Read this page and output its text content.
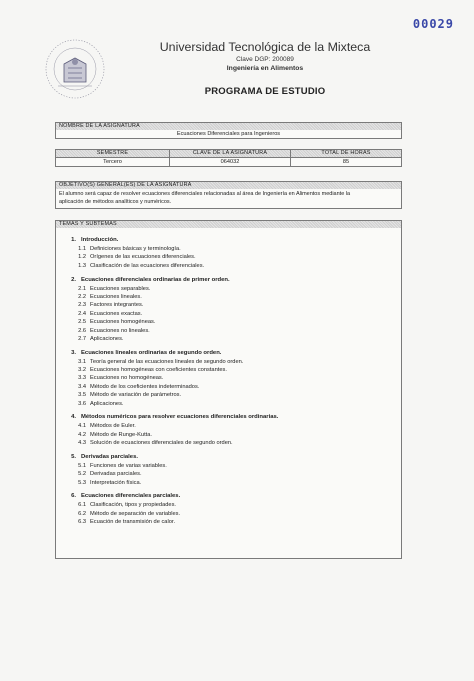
00029
Universidad Tecnológica de la Mixteca
Clave DGP: 200089
Ingeniería en Alimentos
PROGRAMA DE ESTUDIO
NOMBRE DE LA ASIGNATURA
Ecuaciones Diferenciales para Ingenieros
SEMESTRE	CLAVE DE LA ASIGNATURA	TOTAL DE HORAS
Tercero	064032	85
OBJETIVO(S) GENERAL(ES) DE LA ASIGNATURA
El alumno será capaz de resolver ecuaciones diferenciales relacionadas al área de Ingeniería en Alimentos mediante la
aplicación de métodos analíticos y numéricos.
TEMAS Y SUBTEMAS
1. Introducción.
1.1 Definiciones básicas y terminología.
1.2 Orígenes de las ecuaciones diferenciales.
1.3 Clasificación de las ecuaciones diferenciales.
2. Ecuaciones diferenciales ordinarias de primer orden.
2.1 Ecuaciones separables.
2.2 Ecuaciones lineales.
2.3 Factores integrantes.
2.4 Ecuaciones exactas.
2.5 Ecuaciones homogéneas.
2.6 Ecuaciones no lineales.
2.7 Aplicaciones.
3. Ecuaciones lineales ordinarias de segundo orden.
3.1 Teoría general de las ecuaciones lineales de segundo orden.
3.2 Ecuaciones homogéneas con coeficientes constantes.
3.3 Ecuaciones no homogéneas.
3.4 Método de los coeficientes indeterminados.
3.5 Método de variación de parámetros.
3.6 Aplicaciones.
4. Métodos numéricos para resolver ecuaciones diferenciales ordinarias.
4.1 Métodos de Euler.
4.2 Método de Runge-Kutta.
4.3 Solución de ecuaciones diferenciales de segundo orden.
5. Derivadas parciales.
5.1 Funciones de varias variables.
5.2 Derivadas parciales.
5.3 Interpretación física.
6. Ecuaciones diferenciales parciales.
6.1 Clasificación, tipos y propiedades.
6.2 Método de separación de variables.
6.3 Ecuación de transmisión de calor.
